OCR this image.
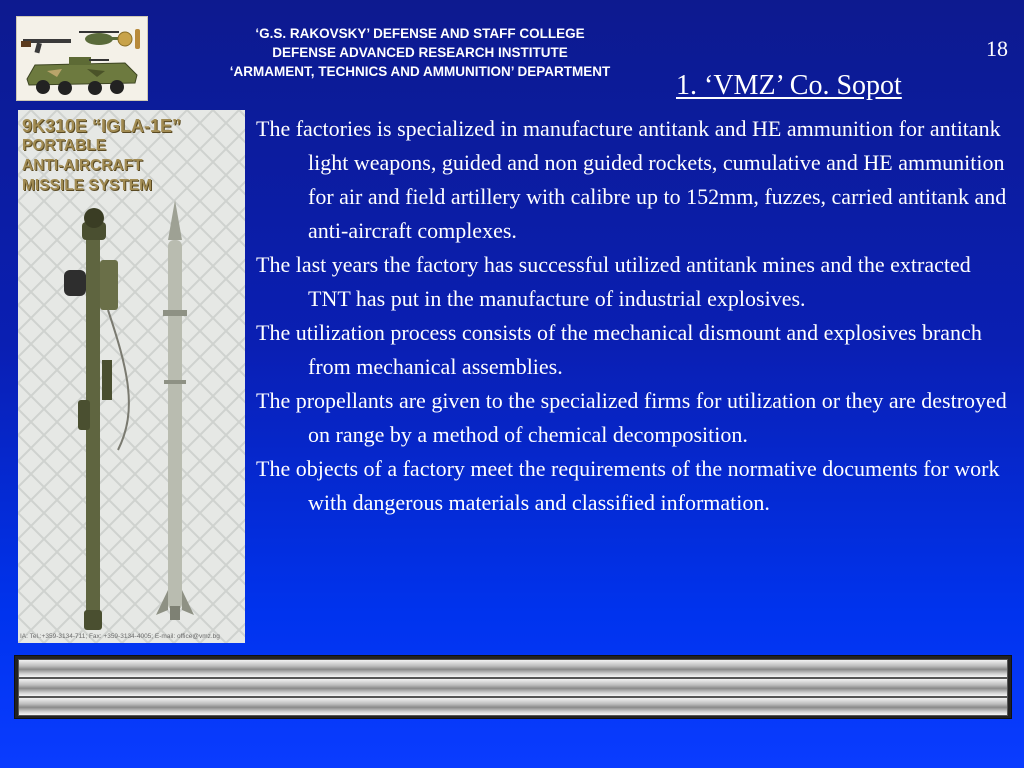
‘G.S. RAKOVSKY’ DEFENSE AND STAFF COLLEGE
DEFENSE ADVANCED RESEARCH INSTITUTE
‘ARMAMENT, TECHNICS AND AMMUNITION’ DEPARTMENT
18
1. ‘VMZ’ Co. Sopot
9K310E “IGLA-1E”
PORTABLE
ANTI-AIRCRAFT
MISSILE SYSTEM
IA: Tel.:+359-3134-711; Fax: +359-3134-4005; E-mail: office@vmz.bg

The factories is specialized in manufacture antitank and HE ammunition for antitank light weapons, guided and non guided rockets, cumulative and HE ammunition for air and field artillery with calibre up to 152mm, fuzzes, carried antitank and anti-aircraft complexes.

The last years the factory has successful utilized antitank mines and the extracted TNT has put in the manufacture of industrial explosives.

The utilization process consists of the mechanical dismount and explosives branch from mechanical assemblies.

The propellants are given to the specialized firms for utilization or they are destroyed on range by a method of chemical decomposition.

The objects of a factory meet the requirements of the normative documents for work with dangerous materials and classified information.
